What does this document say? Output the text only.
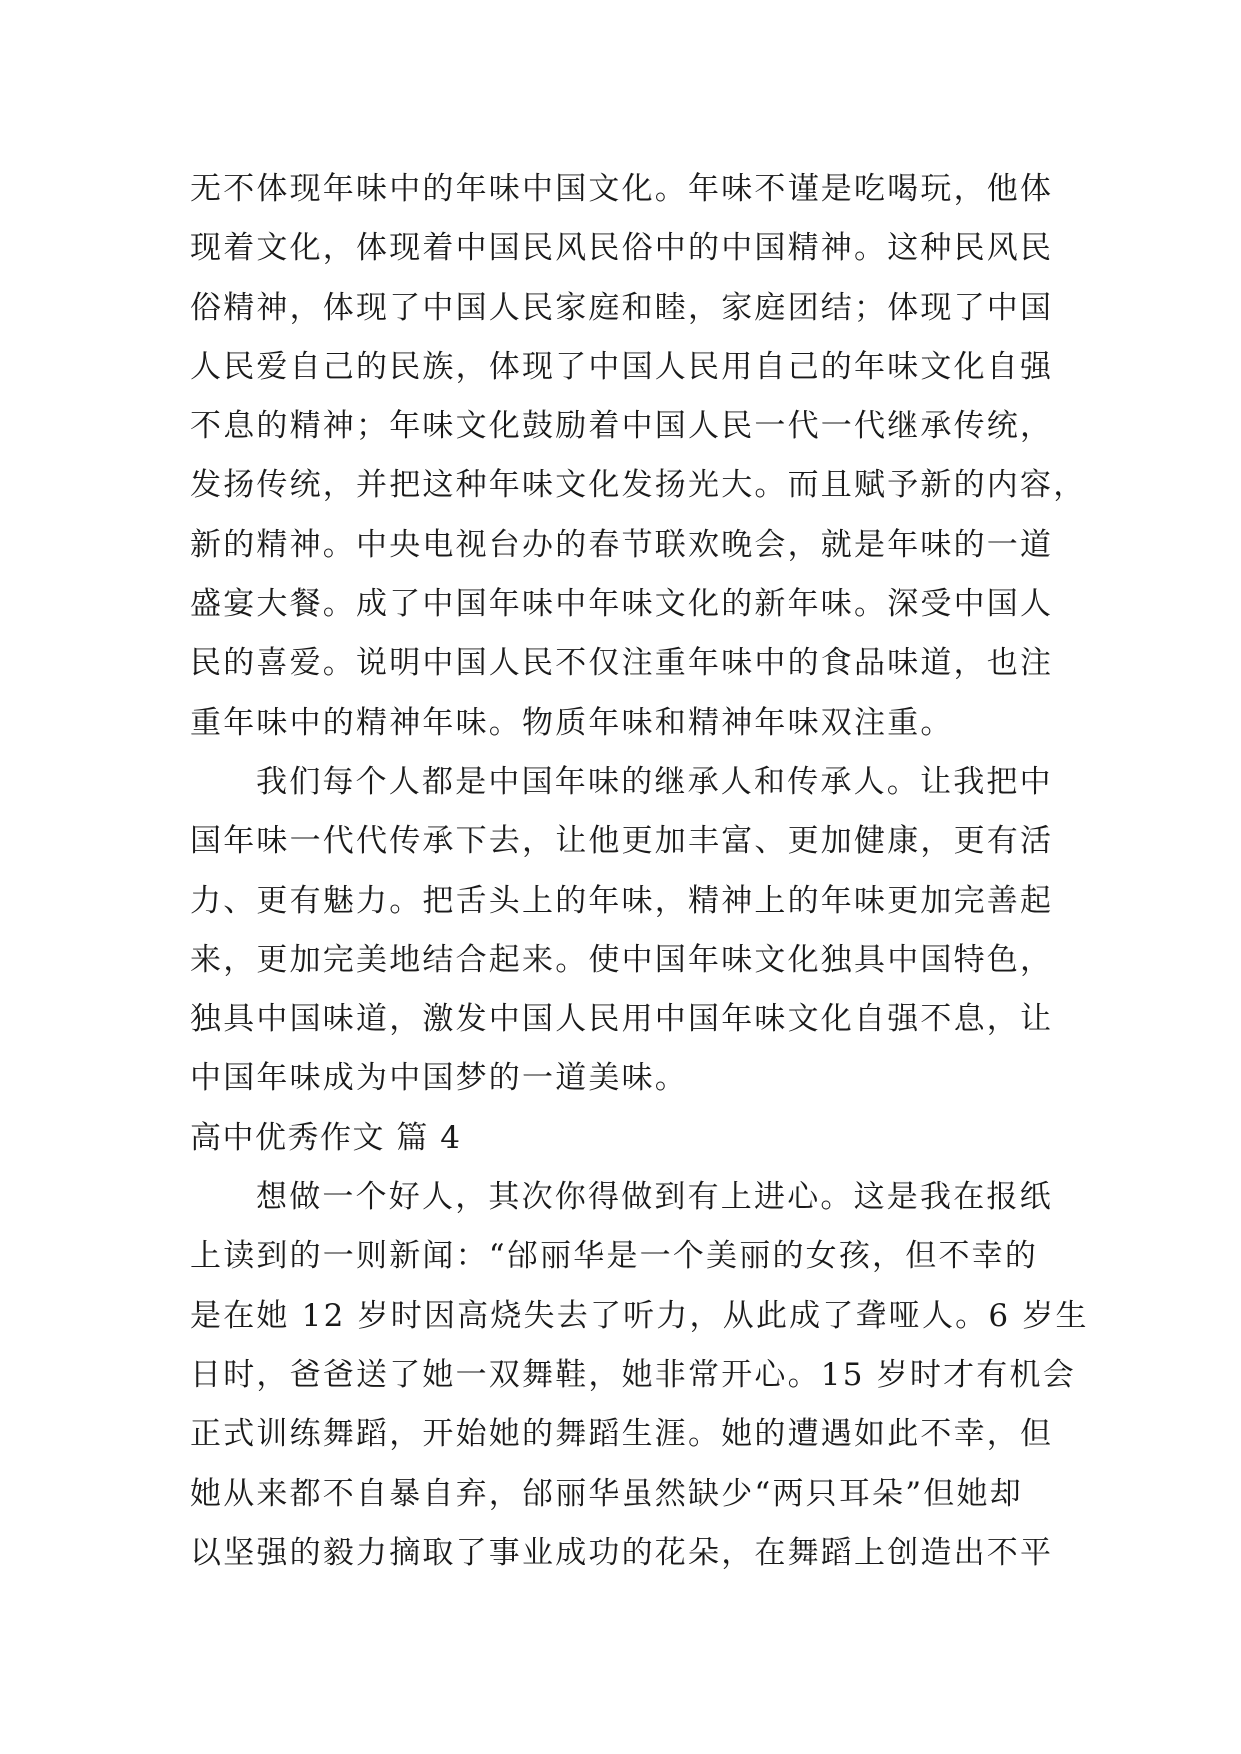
无不体现年味中的年味中国文化。年味不谨是吃喝玩，他体
现着文化，体现着中国民风民俗中的中国精神。这种民风民
俗精神，体现了中国人民家庭和睦，家庭团结；体现了中国
人民爱自己的民族，体现了中国人民用自己的年味文化自强
不息的精神；年味文化鼓励着中国人民一代一代继承传统，
发扬传统，并把这种年味文化发扬光大。而且赋予新的内容，
新的精神。中央电视台办的春节联欢晚会，就是年味的一道
盛宴大餐。成了中国年味中年味文化的新年味。深受中国人
民的喜爱。说明中国人民不仅注重年味中的食品味道，也注
重年味中的精神年味。物质年味和精神年味双注重。
我们每个人都是中国年味的继承人和传承人。让我把中
国年味一代代传承下去，让他更加丰富、更加健康，更有活
力、更有魅力。把舌头上的年味，精神上的年味更加完善起
来，更加完美地结合起来。使中国年味文化独具中国特色，
独具中国味道，激发中国人民用中国年味文化自强不息，让
中国年味成为中国梦的一道美味。
高中优秀作文 篇 4
想做一个好人，其次你得做到有上进心。这是我在报纸
上读到的一则新闻：“邰丽华是一个美丽的女孩，但不幸的
是在她 12 岁时因高烧失去了听力，从此成了聋哑人。6 岁生
日时，爸爸送了她一双舞鞋，她非常开心。15 岁时才有机会
正式训练舞蹈，开始她的舞蹈生涯。她的遭遇如此不幸，但
她从来都不自暴自弃，邰丽华虽然缺少“两只耳朵”但她却
以坚强的毅力摘取了事业成功的花朵，在舞蹈上创造出不平
